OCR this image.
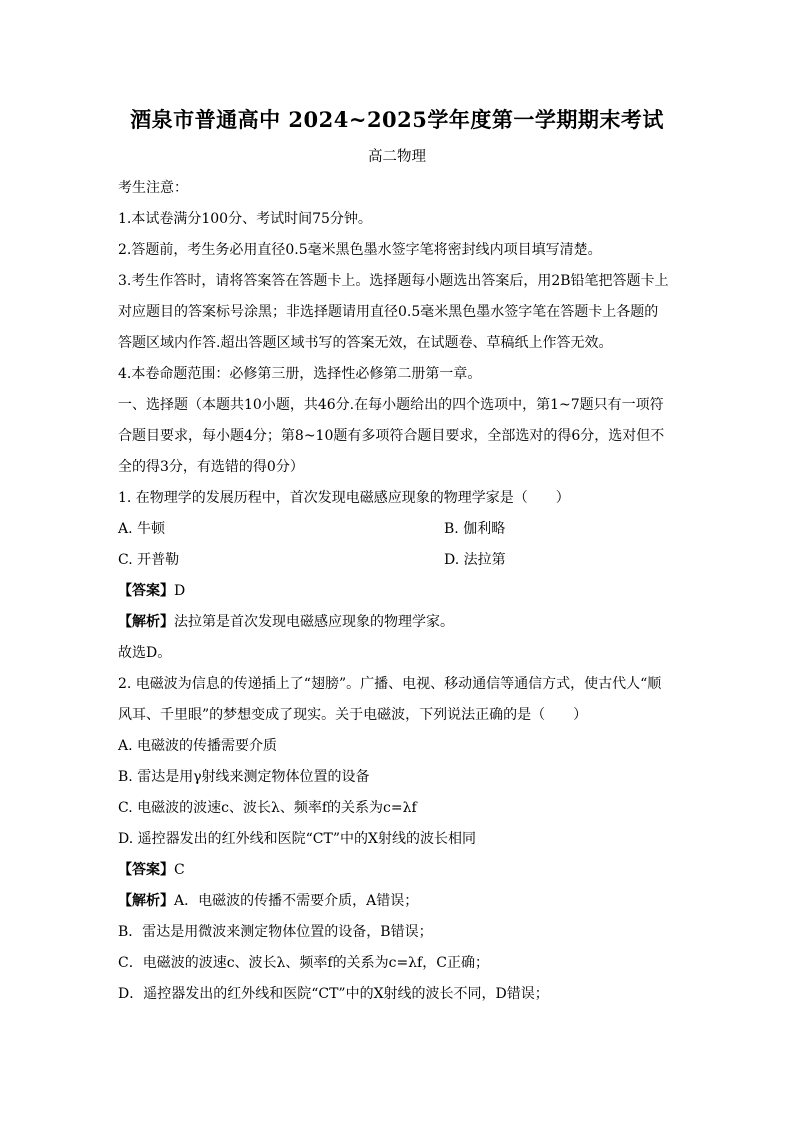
酒泉市普通高中 2024~2025学年度第一学期期末考试
高二物理
考生注意：
1.本试卷满分100分、考试时间75分钟。
2.答题前，考生务必用直径0.5毫米黑色墨水签字笔将密封线内项目填写清楚。
3.考生作答时，请将答案答在答题卡上。选择题每小题选出答案后，用2B铅笔把答题卡上
对应题目的答案标号涂黑；非选择题请用直径0.5毫米黑色墨水签字笔在答题卡上各题的
答题区域内作答.超出答题区域书写的答案无效，在试题卷、草稿纸上作答无效。
4.本卷命题范围：必修第三册，选择性必修第二册第一章。
一、选择题（本题共10小题，共46分.在每小题给出的四个选项中，第1~7题只有一项符
合题目要求，每小题4分；第8~10题有多项符合题目要求，全部选对的得6分，选对但不
全的得3分，有选错的得0分）
1. 在物理学的发展历程中，首次发现电磁感应现象的物理学家是（　　）
A. 牛顿	B. 伽利略
C. 开普勒	D. 法拉第
【答案】D
【解析】法拉第是首次发现电磁感应现象的物理学家。
故选D。
2. 电磁波为信息的传递插上了“翅膀”。广播、电视、移动通信等通信方式，使古代人“顺
风耳、千里眼”的梦想变成了现实。关于电磁波，下列说法正确的是（　　）
A. 电磁波的传播需要介质
B. 雷达是用γ射线来测定物体位置的设备
C. 电磁波的波速c、波长λ、频率f的关系为c=λf
D. 遥控器发出的红外线和医院“CT”中的X射线的波长相同
【答案】C
【解析】A．电磁波的传播不需要介质，A错误；
B．雷达是用微波来测定物体位置的设备，B错误；
C．电磁波的波速c、波长λ、频率f的关系为c=λf，C正确；
D．遥控器发出的红外线和医院“CT”中的X射线的波长不同，D错误；
